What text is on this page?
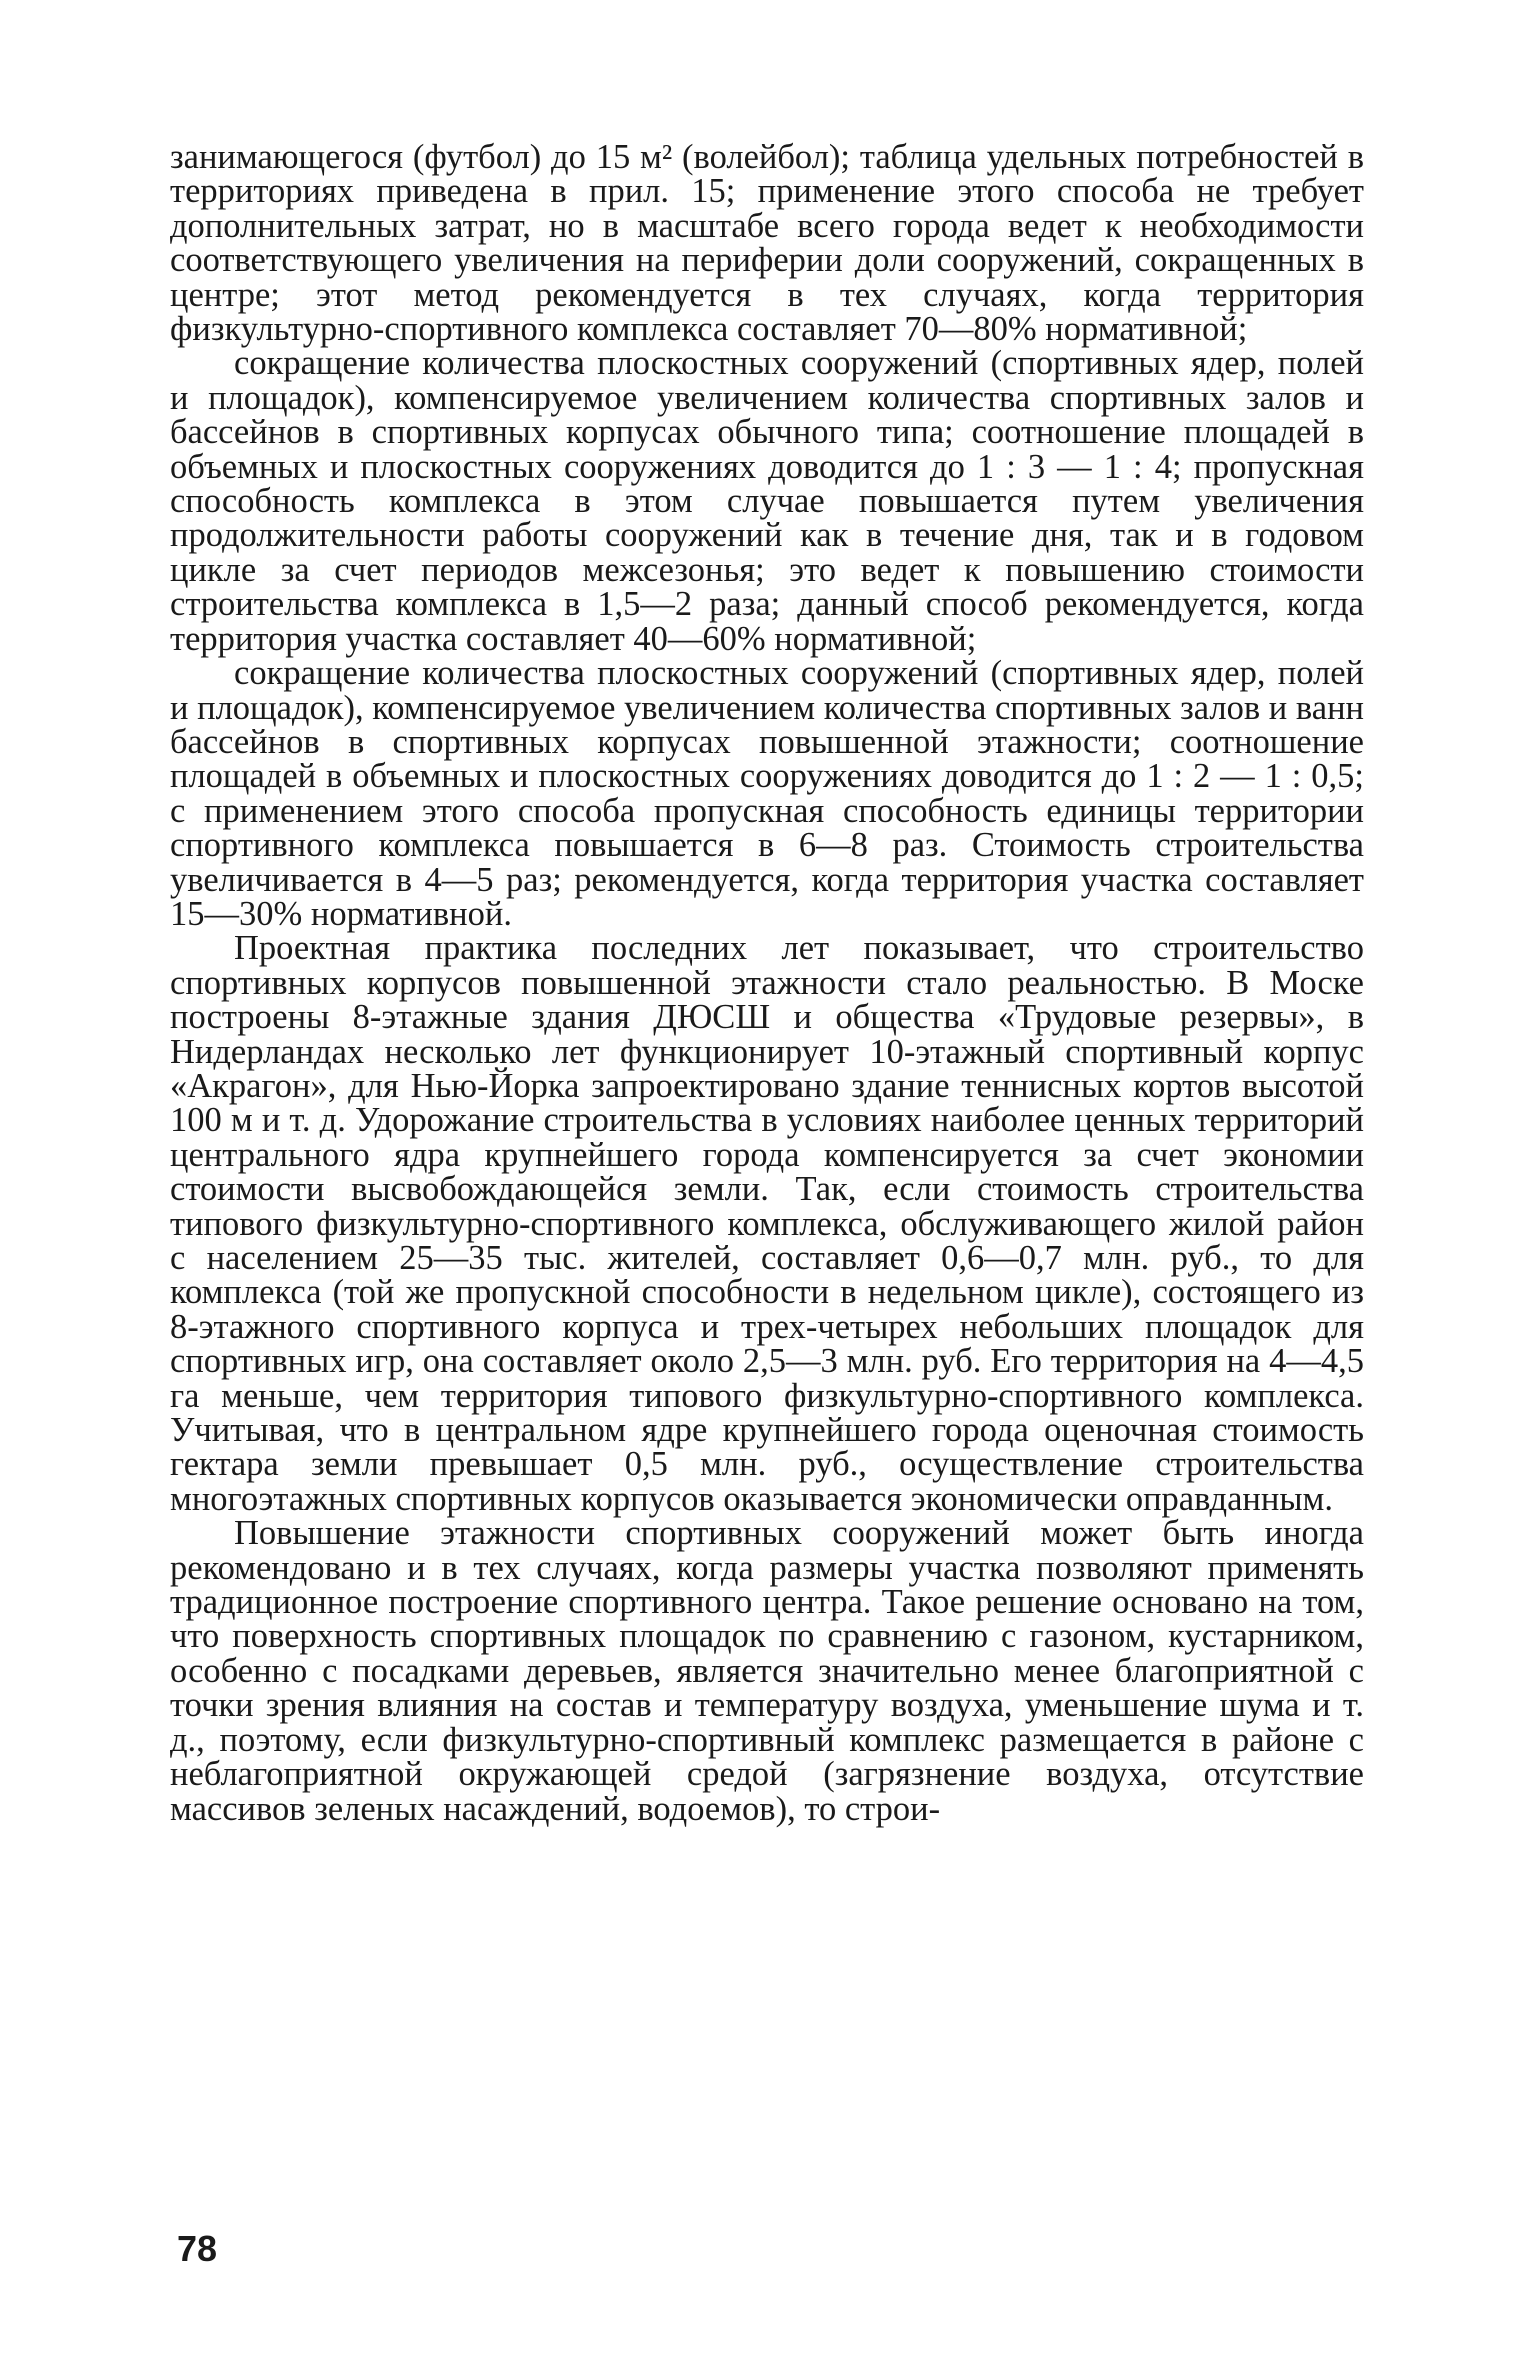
занимающегося (футбол) до 15 м² (волейбол); таблица удельных потребностей в территориях приведена в прил. 15; применение этого способа не требует дополнительных затрат, но в масштабе всего города ведет к необходимости соответствующего увеличения на периферии доли сооружений, сокращенных в центре; этот метод рекомендуется в тех случаях, когда территория физкультурно-спортивного комплекса составляет 70—80% нормативной;

сокращение количества плоскостных сооружений (спортивных ядер, полей и площадок), компенсируемое увеличением количества спортивных залов и бассейнов в спортивных корпусах обычного типа; соотношение площадей в объемных и плоскостных сооружениях доводится до 1 : 3 — 1 : 4; пропускная способность комплекса в этом случае повышается путем увеличения продолжительности работы сооружений как в течение дня, так и в годовом цикле за счет периодов межсезонья; это ведет к повышению стоимости строительства комплекса в 1,5—2 раза; данный способ рекомендуется, когда территория участка составляет 40—60% нормативной;

сокращение количества плоскостных сооружений (спортивных ядер, полей и площадок), компенсируемое увеличением количества спортивных залов и ванн бассейнов в спортивных корпусах повышенной этажности; соотношение площадей в объемных и плоскостных сооружениях доводится до 1 : 2 — 1 : 0,5; с применением этого способа пропускная способность единицы территории спортивного комплекса повышается в 6—8 раз. Стоимость строительства увеличивается в 4—5 раз; рекомендуется, когда территория участка составляет 15—30% нормативной.

Проектная практика последних лет показывает, что строительство спортивных корпусов повышенной этажности стало реальностью. В Моске построены 8-этажные здания ДЮСШ и общества «Трудовые резервы», в Нидерландах несколько лет функционирует 10-этажный спортивный корпус «Акрагон», для Нью-Йорка запроектировано здание теннисных кортов высотой 100 м и т. д. Удорожание строительства в условиях наиболее ценных территорий центрального ядра крупнейшего города компенсируется за счет экономии стоимости высвобождающейся земли. Так, если стоимость строительства типового физкультурно-спортивного комплекса, обслуживающего жилой район с населением 25—35 тыс. жителей, составляет 0,6—0,7 млн. руб., то для комплекса (той же пропускной способности в недельном цикле), состоящего из 8-этажного спортивного корпуса и трех-четырех небольших площадок для спортивных игр, она составляет около 2,5—3 млн. руб. Его территория на 4—4,5 га меньше, чем территория типового физкультурно-спортивного комплекса. Учитывая, что в центральном ядре крупнейшего города оценочная стоимость гектара земли превышает 0,5 млн. руб., осуществление строительства многоэтажных спортивных корпусов оказывается экономически оправданным.

Повышение этажности спортивных сооружений может быть иногда рекомендовано и в тех случаях, когда размеры участка позволяют применять традиционное построение спортивного центра. Такое решение основано на том, что поверхность спортивных площадок по сравнению с газоном, кустарником, особенно с посадками деревьев, является значительно менее благоприятной с точки зрения влияния на состав и температуру воздуха, уменьшение шума и т. д., поэтому, если физкультурно-спортивный комплекс размещается в районе с неблагоприятной окружающей средой (загрязнение воздуха, отсутствие массивов зеленых насаждений, водоемов), то строи-

78
